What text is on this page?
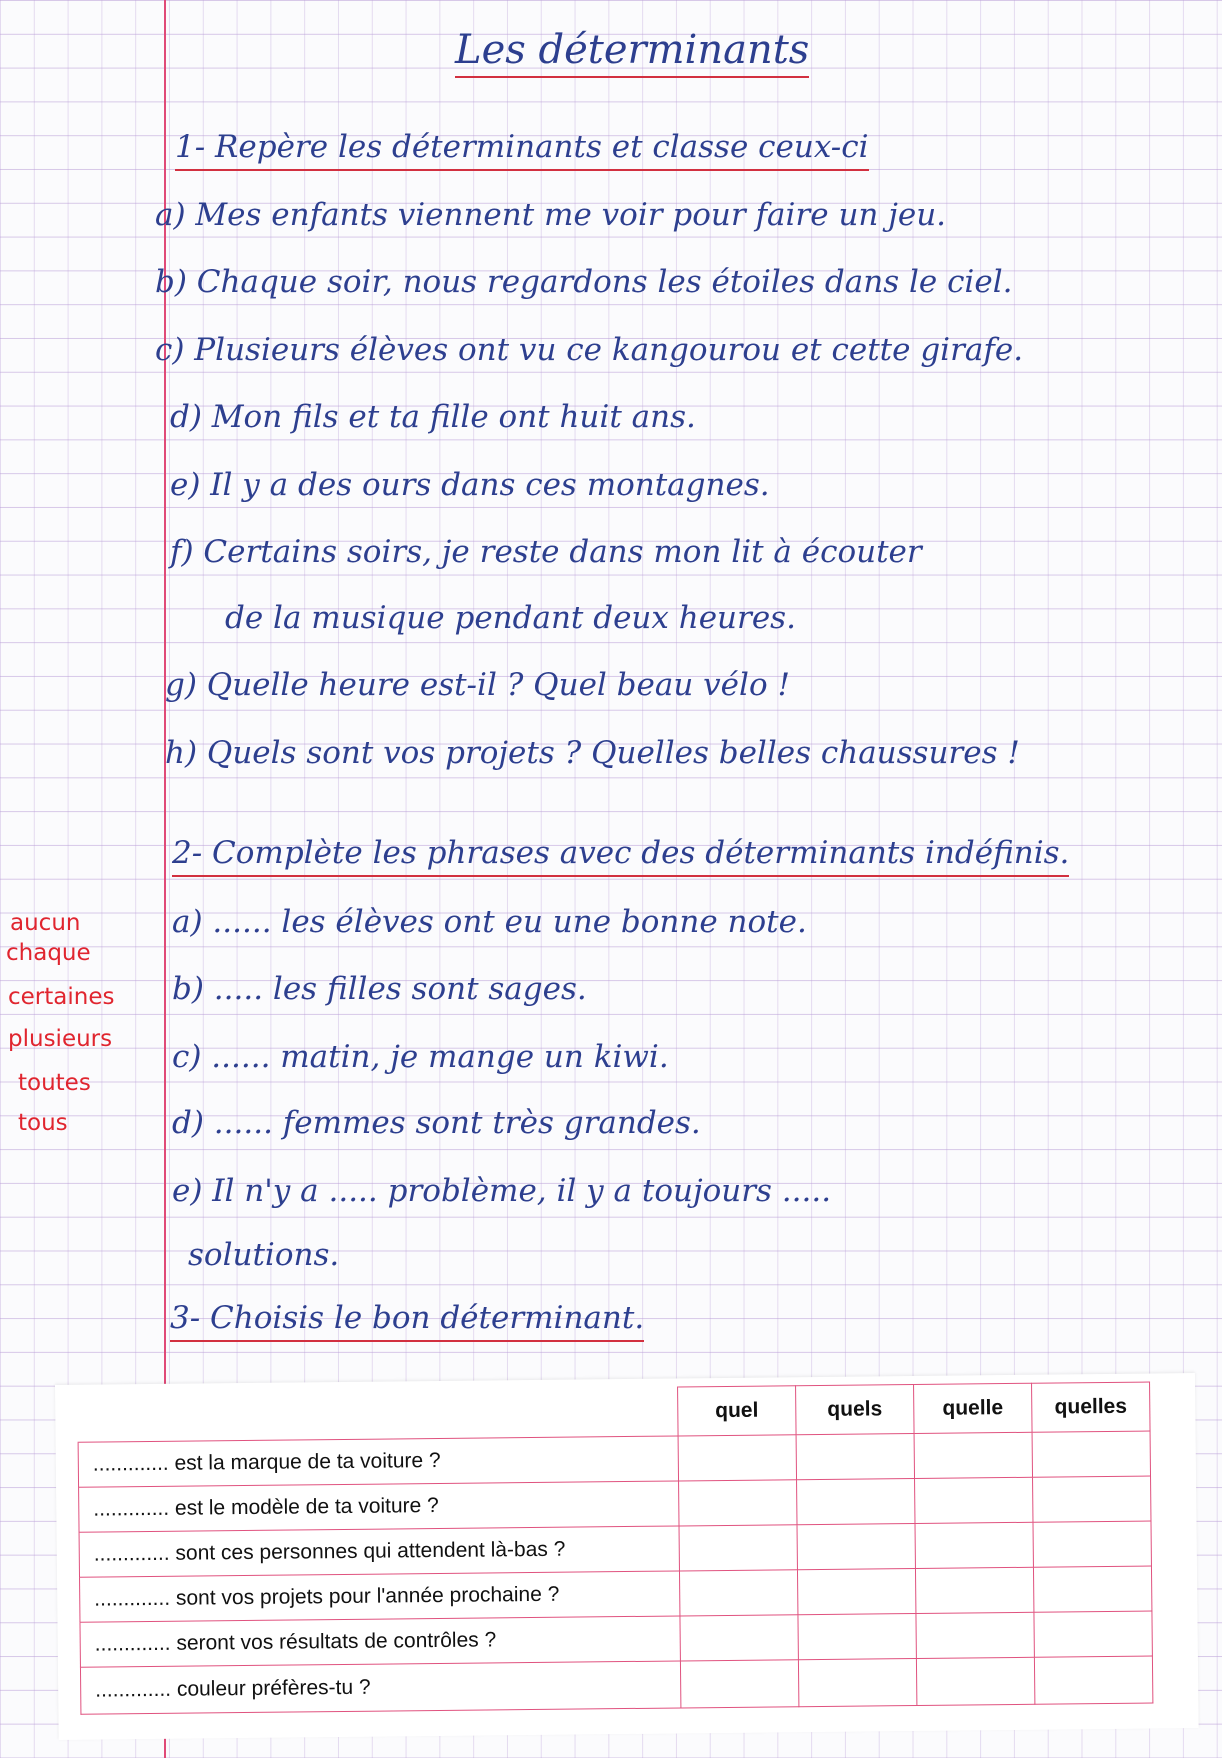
Les déterminants
1- Repère les déterminants et classe ceux-ci
a) Mes enfants viennent me voir pour faire un jeu.
b) Chaque soir, nous regardons les étoiles dans le ciel.
c) Plusieurs élèves ont vu ce kangourou et cette girafe.
d) Mon fils et ta fille ont huit ans.
e) Il y a des ours dans ces montagnes.
f) Certains soirs, je reste dans mon lit à écouter
de la musique pendant deux heures.
g) Quelle heure est-il ? Quel beau vélo !
h) Quels sont vos projets ? Quelles belles chaussures !
2- Complète les phrases avec des déterminants indéfinis.
a) ...... les élèves ont eu une bonne note.
b) ..... les filles sont sages.
c) ...... matin, je mange un kiwi.
d) ...... femmes sont très grandes.
e) Il n'y a ..... problème, il y a toujours .....
solutions.
aucun
chaque
certaines
plusieurs
toutes
tous
3- Choisis le bon déterminant.
	quel	quels	quelle	quelles
............. est la marque de ta voiture ?				
............. est le modèle de ta voiture ?				
............. sont ces personnes qui attendent là-bas ?				
............. sont vos projets pour l'année prochaine ?				
............. seront vos résultats de contrôles ?				
............. couleur préfères-tu ?				
